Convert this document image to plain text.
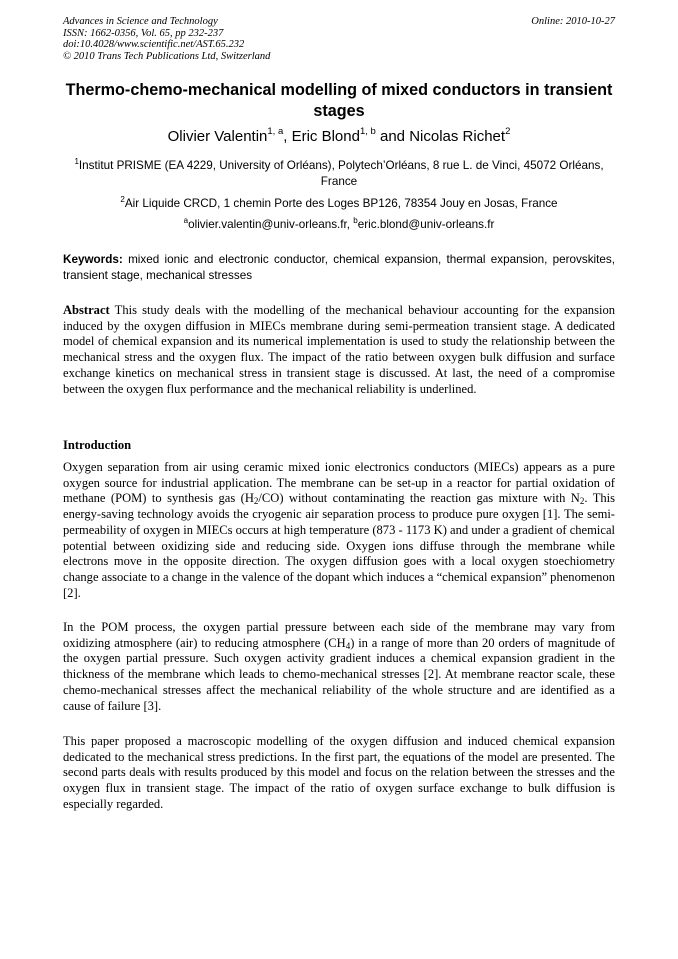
Advances in Science and Technology
ISSN: 1662-0356, Vol. 65, pp 232-237
doi:10.4028/www.scientific.net/AST.65.232
© 2010 Trans Tech Publications Ltd, Switzerland
Online: 2010-10-27
Thermo-chemo-mechanical modelling of mixed conductors in transient stages
Olivier Valentin$^{1, a}$, Eric Blond$^{1, b}$ and Nicolas Richet$^2$
$^1$Institut PRISME (EA 4229, University of Orléans), Polytech’Orléans, 8 rue L. de Vinci, 45072 Orléans, France
$^2$Air Liquide CRCD, 1 chemin Porte des Loges BP126, 78354 Jouy en Josas, France
$^a$olivier.valentin@univ-orleans.fr, $^b$eric.blond@univ-orleans.fr
Keywords: mixed ionic and electronic conductor, chemical expansion, thermal expansion, perovskites, transient stage, mechanical stresses
Abstract This study deals with the modelling of the mechanical behaviour accounting for the expansion induced by the oxygen diffusion in MIECs membrane during semi-permeation transient stage. A dedicated model of chemical expansion and its numerical implementation is used to study the relationship between the mechanical stress and the oxygen flux. The impact of the ratio between oxygen bulk diffusion and surface exchange kinetics on mechanical stress in transient stage is discussed. At last, the need of a compromise between the oxygen flux performance and the mechanical reliability is underlined.
Introduction
Oxygen separation from air using ceramic mixed ionic electronics conductors (MIECs) appears as a pure oxygen source for industrial application. The membrane can be set-up in a reactor for partial oxidation of methane (POM) to synthesis gas $(H_2/CO)$ without contaminating the reaction gas mixture with $N_2$. This energy-saving technology avoids the cryogenic air separation process to produce pure oxygen [1]. The semi-permeability of oxygen in MIECs occurs at high temperature (873 - 1173 K) and under a gradient of chemical potential between oxidizing side and reducing side. Oxygen ions diffuse through the membrane while electrons move in the opposite direction. The oxygen diffusion goes with a local oxygen stoechiometry change associate to a change in the valence of the dopant which induces a “chemical expansion” phenomenon [2].
In the POM process, the oxygen partial pressure between each side of the membrane may vary from oxidizing atmosphere (air) to reducing atmosphere $(CH_4)$ in a range of more than 20 orders of magnitude of the oxygen partial pressure. Such oxygen activity gradient induces a chemical expansion gradient in the thickness of the membrane which leads to chemo-mechanical stresses [2]. At membrane reactor scale, these chemo-mechanical stresses affect the mechanical reliability of the whole structure and are identified as a cause of failure [3].
This paper proposed a macroscopic modelling of the oxygen diffusion and induced chemical expansion dedicated to the mechanical stress predictions. In the first part, the equations of the model are presented. The second parts deals with results produced by this model and focus on the relation between the stresses and the oxygen flux in transient stage. The impact of the ratio of oxygen surface exchange to bulk diffusion is especially regarded.
